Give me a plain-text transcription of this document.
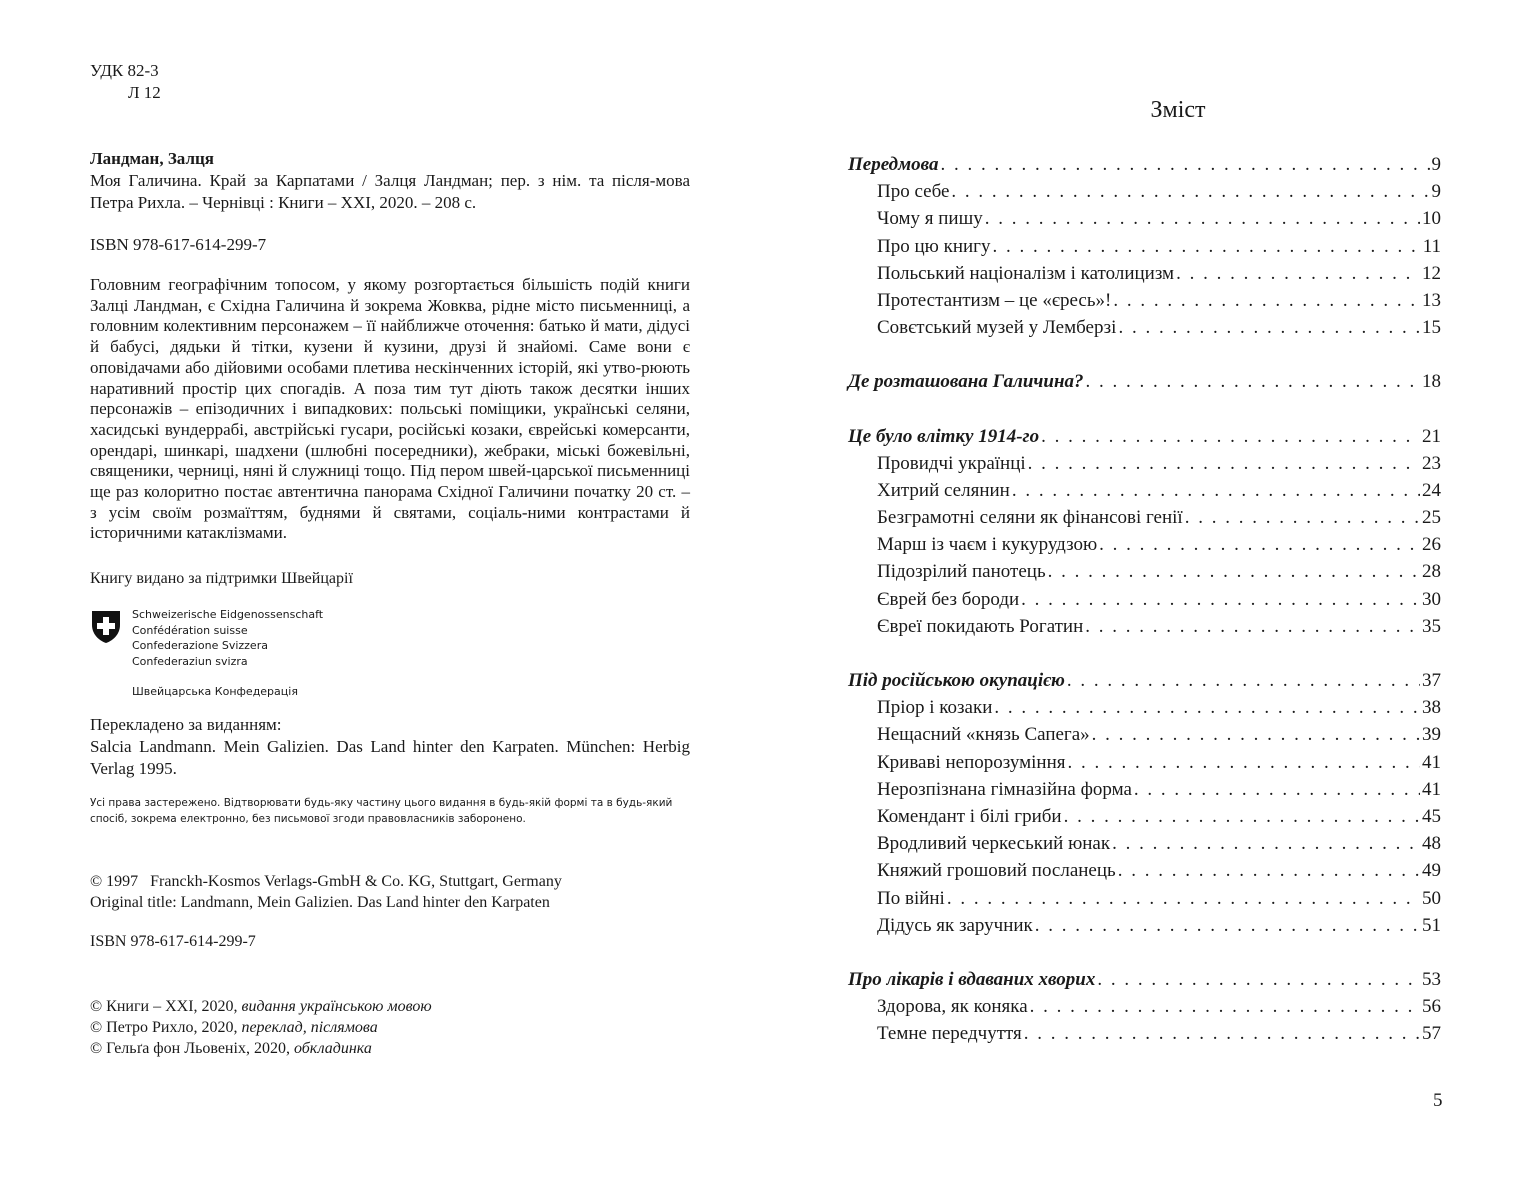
УДК 82-3
Л 12
Ландман, Залця
Моя Галичина. Край за Карпатами / Залця Ландман; пер. з нім. та після-мова Петра Рихла. – Чернівці : Книги – XXI, 2020. – 208 с.
ISBN 978-617-614-299-7
Головним географічним топосом, у якому розгортається більшість подій книги Залці Ландман, є Східна Галичина й зокрема Жовква, рідне місто письменниці, а головним колективним персонажем – її найближче оточення: батько й мати, дідусі й бабусі, дядьки й тітки, кузени й кузини, друзі й знайомі. Саме вони є оповідачами або дійовими особами плетива нескінченних історій, які утво-рюють наративний простір цих спогадів. А поза тим тут діють також десятки інших персонажів – епізодичних і випадкових: польські поміщики, українські селяни, хасидські вундеррабі, австрійські гусари, російські козаки, єврейські комерсанти, орендарі, шинкарі, шадхени (шлюбні посередники), жебраки, міські божевільні, священики, черниці, няні й служниці тощо. Під пером швей-царської письменниці ще раз колоритно постає автентична панорама Східної Галичини початку 20 ст. – з усім своїм розмаїттям, буднями й святами, соціаль-ними контрастами й історичними катаклізмами.
Книгу видано за підтримки Швейцарії
Schweizerische Eidgenossenschaft
Confédération suisse
Confederazione Svizzera
Confederaziun svizra
Швейцарська Конфедерація
Перекладено за виданням:
Salcia Landmann. Mein Galizien. Das Land hinter den Karpaten. München: Herbig Verlag 1995.
Усі права застережено. Відтворювати будь-яку частину цього видання в будь-якій формі та в будь-який спосіб, зокрема електронно, без письмової згоди правовласників заборонено.
© 1997   Franckh-Kosmos Verlags-GmbH & Co. KG, Stuttgart, Germany
Original title: Landmann, Mein Galizien. Das Land hinter den Karpaten
ISBN 978-617-614-299-7
© Книги – XXI, 2020, видання українською мовою
© Петро Рихло, 2020, переклад, післямова
© Гельґа фон Льовеніх, 2020, обкладинка
Зміст
Передмова . . .	9
Про себе . . .	9
Чому я пишу . . .	10
Про цю книгу . . .	11
Польський націоналізм і католицизм . . .	12
Протестантизм – це «єресь»! . . .	13
Совєтський музей у Лемберзі . . .	15
Де розташована Галичина? . . .	18
Це було влітку 1914-го . . .	21
Провидчі українці . . .	23
Хитрий селянин . . .	24
Безграмотні селяни як фінансові генії . . .	25
Марш із чаєм і кукурудзою . . .	26
Підозрілий панотець . . .	28
Єврей без бороди . . .	30
Євреї покидають Рогатин . . .	35
Під російською окупацією . . .	37
Пріор і козаки . . .	38
Нещасний «князь Сапега» . . .	39
Криваві непорозуміння . . .	41
Нерозпізнана гімназійна форма . . .	41
Комендант і білі гриби . . .	45
Вродливий черкеський юнак . . .	48
Княжий грошовий посланець . . .	49
По війні . . .	50
Дідусь як заручник . . .	51
Про лікарів і вдаваних хворих . . .	53
Здорова, як коняка . . .	56
Темне передчуття . . .	57
5
